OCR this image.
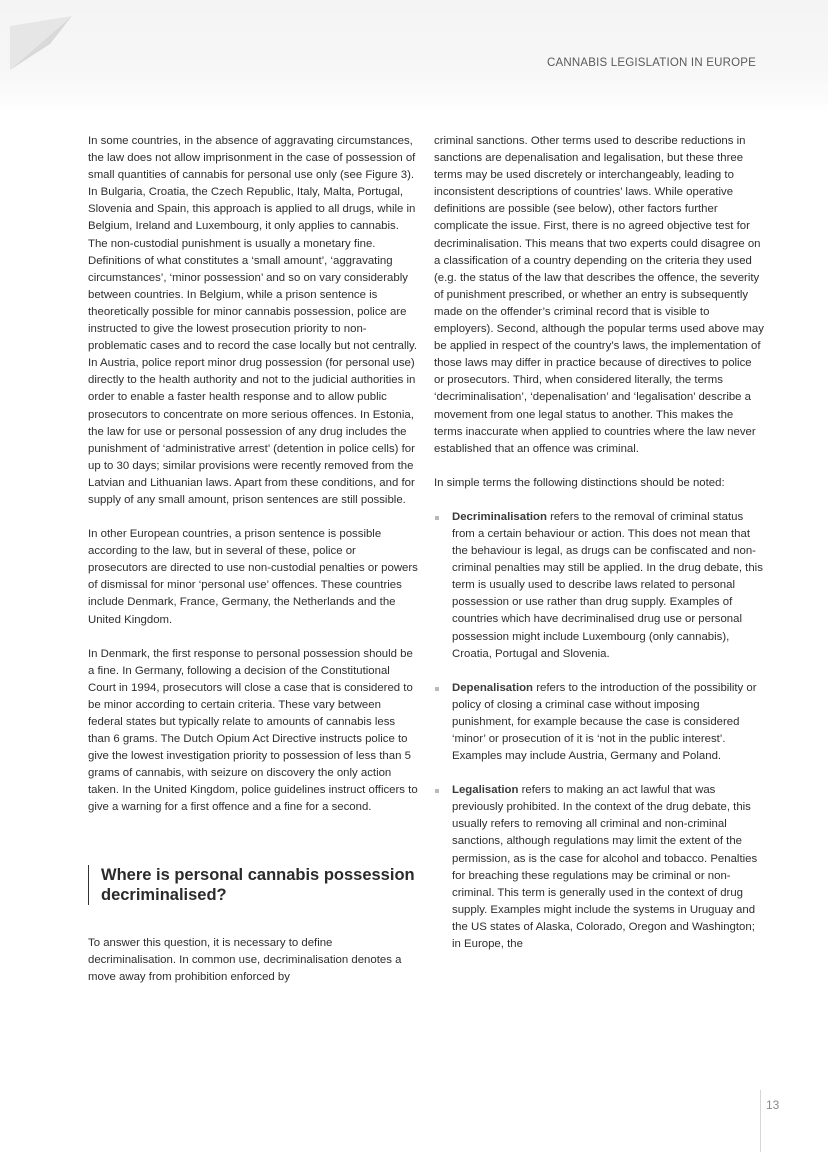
CANNABIS LEGISLATION IN EUROPE

In some countries, in the absence of aggravating circumstances, the law does not allow imprisonment in the case of possession of small quantities of cannabis for personal use only (see Figure 3). In Bulgaria, Croatia, the Czech Republic, Italy, Malta, Portugal, Slovenia and Spain, this approach is applied to all drugs, while in Belgium, Ireland and Luxembourg, it only applies to cannabis. The non-custodial punishment is usually a monetary fine. Definitions of what constitutes a ‘small amount’, ‘aggravating circumstances’, ‘minor possession’ and so on vary considerably between countries. In Belgium, while a prison sentence is theoretically possible for minor cannabis possession, police are instructed to give the lowest prosecution priority to non-problematic cases and to record the case locally but not centrally. In Austria, police report minor drug possession (for personal use) directly to the health authority and not to the judicial authorities in order to enable a faster health response and to allow public prosecutors to concentrate on more serious offences. In Estonia, the law for use or personal possession of any drug includes the punishment of ‘administrative arrest’ (detention in police cells) for up to 30 days; similar provisions were recently removed from the Latvian and Lithuanian laws. Apart from these conditions, and for supply of any small amount, prison sentences are still possible.

In other European countries, a prison sentence is possible according to the law, but in several of these, police or prosecutors are directed to use non-custodial penalties or powers of dismissal for minor ‘personal use’ offences. These countries include Denmark, France, Germany, the Netherlands and the United Kingdom.

In Denmark, the first response to personal possession should be a fine. In Germany, following a decision of the Constitutional Court in 1994, prosecutors will close a case that is considered to be minor according to certain criteria. These vary between federal states but typically relate to amounts of cannabis less than 6 grams. The Dutch Opium Act Directive instructs police to give the lowest investigation priority to possession of less than 5 grams of cannabis, with seizure on discovery the only action taken. In the United Kingdom, police guidelines instruct officers to give a warning for a first offence and a fine for a second.

Where is personal cannabis possession decriminalised?

To answer this question, it is necessary to define decriminalisation. In common use, decriminalisation denotes a move away from prohibition enforced by

criminal sanctions. Other terms used to describe reductions in sanctions are depenalisation and legalisation, but these three terms may be used discretely or interchangeably, leading to inconsistent descriptions of countries’ laws. While operative definitions are possible (see below), other factors further complicate the issue. First, there is no agreed objective test for decriminalisation. This means that two experts could disagree on a classification of a country depending on the criteria they used (e.g. the status of the law that describes the offence, the severity of punishment prescribed, or whether an entry is subsequently made on the offender’s criminal record that is visible to employers). Second, although the popular terms used above may be applied in respect of the country’s laws, the implementation of those laws may differ in practice because of directives to police or prosecutors. Third, when considered literally, the terms ‘decriminalisation’, ‘depenalisation’ and ‘legalisation’ describe a movement from one legal status to another. This makes the terms inaccurate when applied to countries where the law never established that an offence was criminal.

In simple terms the following distinctions should be noted:

Decriminalisation refers to the removal of criminal status from a certain behaviour or action. This does not mean that the behaviour is legal, as drugs can be confiscated and non-criminal penalties may still be applied. In the drug debate, this term is usually used to describe laws related to personal possession or use rather than drug supply. Examples of countries which have decriminalised drug use or personal possession might include Luxembourg (only cannabis), Croatia, Portugal and Slovenia.
Depenalisation refers to the introduction of the possibility or policy of closing a criminal case without imposing punishment, for example because the case is considered ‘minor’ or prosecution of it is ‘not in the public interest’. Examples may include Austria, Germany and Poland.
Legalisation refers to making an act lawful that was previously prohibited. In the context of the drug debate, this usually refers to removing all criminal and non-criminal sanctions, although regulations may limit the extent of the permission, as is the case for alcohol and tobacco. Penalties for breaching these regulations may be criminal or non-criminal. This term is generally used in the context of drug supply. Examples might include the systems in Uruguay and the US states of Alaska, Colorado, Oregon and Washington; in Europe, the
13
